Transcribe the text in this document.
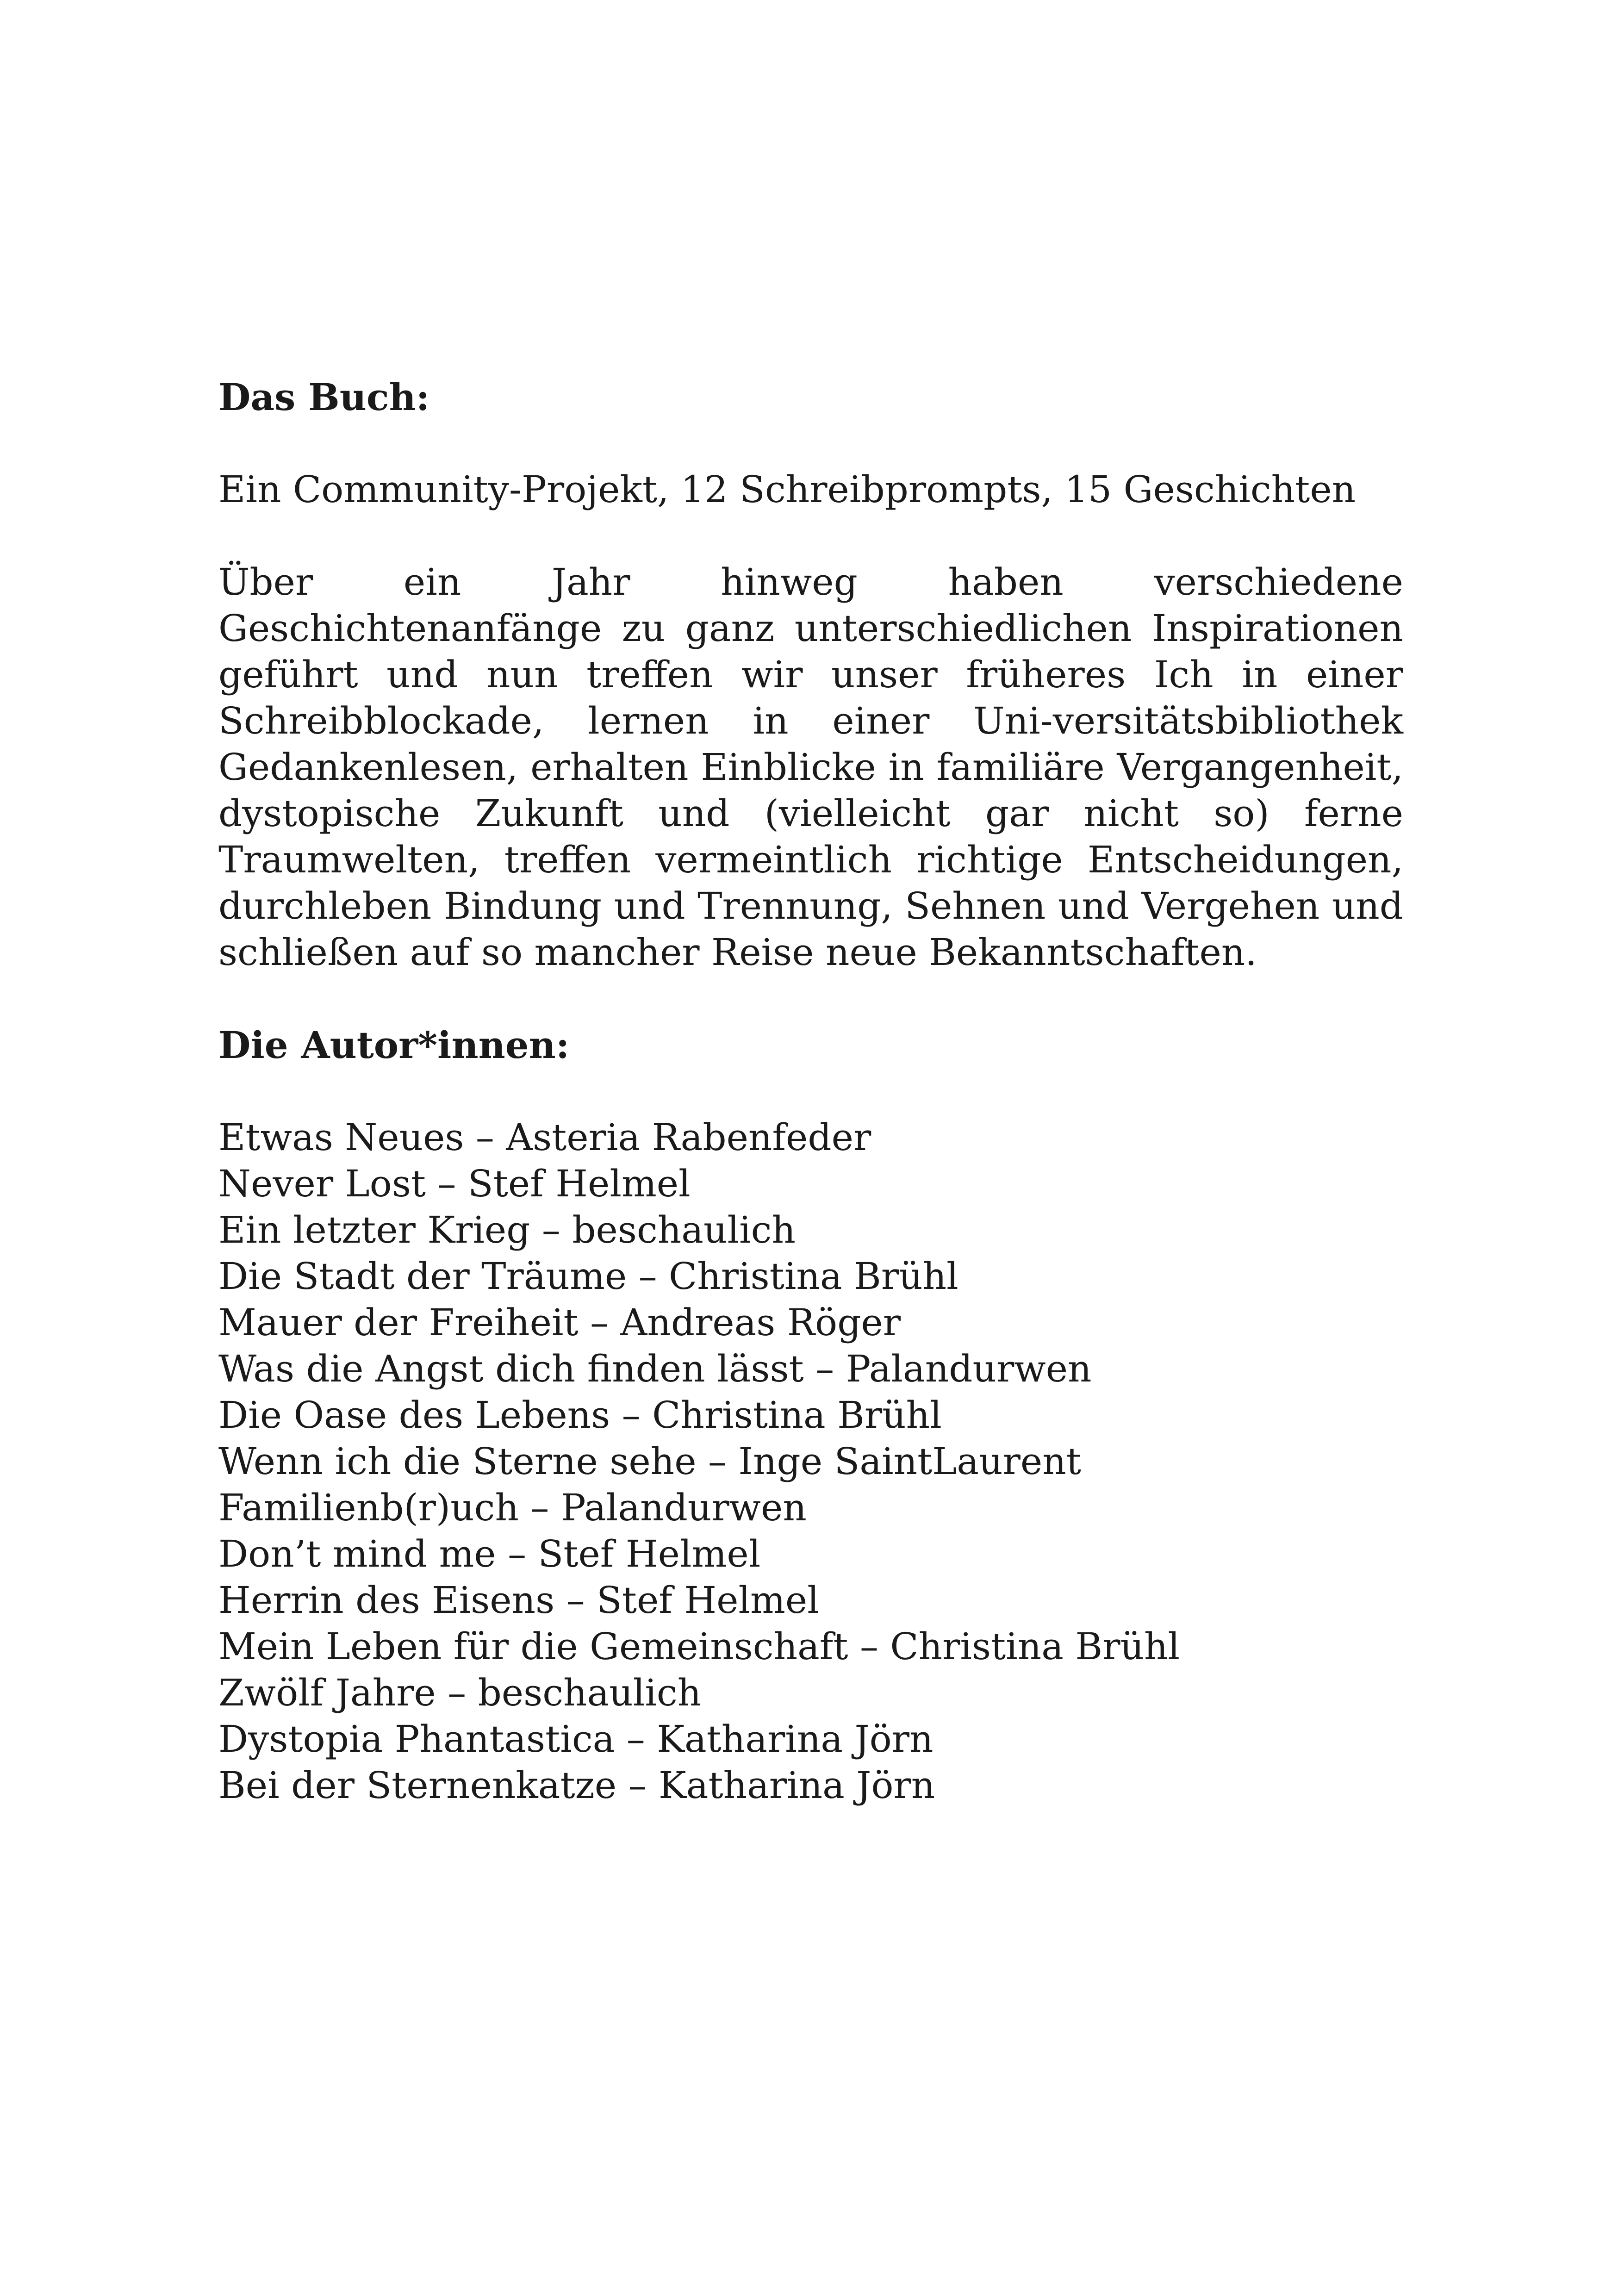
Das Buch:

Ein Community-Projekt, 12 Schreibprompts, 15 Geschichten

Über ein Jahr hinweg haben verschiedene Geschichtenanfänge zu ganz unterschiedlichen Inspirationen geführt und nun treffen wir unser früheres Ich in einer Schreibblockade, lernen in einer Uni-versitätsbibliothek Gedankenlesen, erhalten Einblicke in familiäre Vergangenheit, dystopische Zukunft und (vielleicht gar nicht so) ferne Traumwelten, treffen vermeintlich richtige Entscheidungen, durchleben Bindung und Trennung, Sehnen und Vergehen und schließen auf so mancher Reise neue Bekanntschaften.

Die Autor*innen:
Etwas Neues – Asteria Rabenfeder
Never Lost – Stef Helmel
Ein letzter Krieg – beschaulich
Die Stadt der Träume – Christina Brühl
Mauer der Freiheit – Andreas Röger
Was die Angst dich finden lässt – Palandurwen
Die Oase des Lebens – Christina Brühl
Wenn ich die Sterne sehe – Inge SaintLaurent
Familienb(r)uch – Palandurwen
Don’t mind me – Stef Helmel
Herrin des Eisens – Stef Helmel
Mein Leben für die Gemeinschaft – Christina Brühl
Zwölf Jahre – beschaulich
Dystopia Phantastica – Katharina Jörn
Bei der Sternenkatze – Katharina Jörn
